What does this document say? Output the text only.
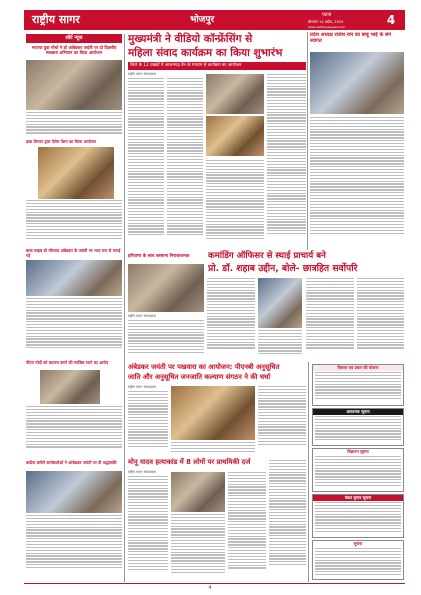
राष्ट्रीय सागर	भोजपुर	पटना
सोमवार 14 अप्रैल, 2025
www.rashtriyasagar.com	4
शॉर्ट न्यूज
भाजपा युवा मोर्चा ने डॉ आंबेडकर जयंती पर दो दिवसीय स्वच्छता अभियान का किया आयोजन
डाक विभाग द्वारा ऐलेम पेंशन का किया आयोजन
बाबा साहब डॉ भीमराव अंबेडकर के जयंती पर भव्य रूप से मनाई गई
पीएम मोदी को बदनाम करने की साजिश रचने का आरोप
कांग्रेस कमेटी कार्यकर्ताओं ने आंबेडकर जयंती पर दी श्रद्धांजलि
मुख्यमंत्री ने वीडियो कॉन्फ्रेंसिंग से
महिला संवाद कार्यक्रम का किया शुभारंभ
जिले के 12 प्रखंडों में आजमगढ़ वैन के माध्यम से कार्यक्रम का आयोजन
राष्ट्रीय सागर संवाददाता
प्रदेश अध्यक्ष राजेश राम का बाबू भाई के संग स्वागत
हरियाणा के साथ बरसाना निराशाजनक	कमांडिंग ऑफिसर से स्थाई प्राचार्य बने
प्रो. डॉ. शहाब उद्दीन, बोले- छात्रहित सर्वोपरि
राष्ट्रीय सागर संवाददाता
अंबेडकर जयंती पर पखवारा का आयोजन: पीएनबी अनुसूचित
जाति और अनुसूचित जनजाति कल्याण संगठन ने की चर्चा
राष्ट्रीय सागर संवाददाता
मोनू यादव हत्याकांड में 8 लोगों पर प्राथमिकी दर्ज
राष्ट्रीय सागर संवाददाता
विस्तार एवं प्रचार की योजना
आवश्यक सूचना
विज्ञापन सूचना
मंडल चुनाव सूचना
सूचना
4
